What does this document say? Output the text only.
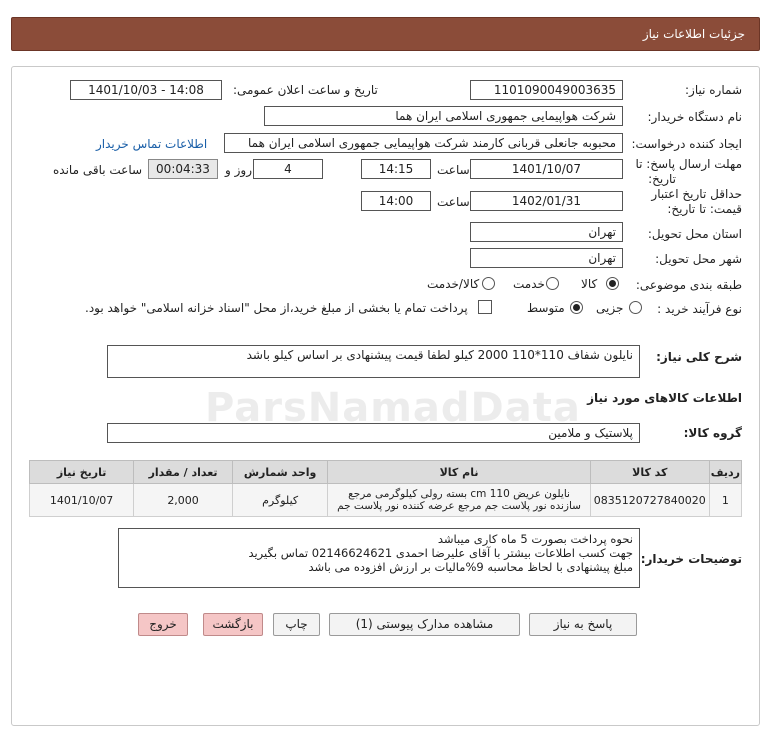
جزئیات اطلاعات نیاز
شماره نیاز:
1101090049003635
تاریخ و ساعت اعلان عمومی:
1401/10/03 - 14:08
نام دستگاه خریدار:
شرکت هواپیمایی جمهوری اسلامی ایران هما
ایجاد کننده درخواست:
محبوبه جانعلی قربانی کارمند شرکت هواپیمایی جمهوری اسلامی ایران هما
اطلاعات تماس خریدار
مهلت ارسال پاسخ: تا
تاریخ:
1401/10/07
ساعت
14:15
4
روز و
00:04:33
ساعت باقی مانده
حداقل تاریخ اعتبار
قیمت: تا تاریخ:
1402/01/31
ساعت
14:00
استان محل تحویل:
تهران
شهر محل تحویل:
تهران
طبقه بندی موضوعی:
کالا
خدمت
کالا/خدمت
نوع فرآیند خرید :
جزیی
متوسط
پرداخت تمام یا بخشی از مبلغ خرید،از محل "اسناد خزانه اسلامی" خواهد بود.
شرح کلی نیاز:
نایلون شفاف 110*110 2000 کیلو لطفا قیمت پیشنهادی بر اساس کیلو باشد
اطلاعات کالاهای مورد نیاز
گروه کالا:
پلاستیک و ملامین
ردیف	کد کالا	نام کالا	واحد شمارش	تعداد / مقدار	تاریخ نیاز
1	0835120727840020	نایلون عریض cm 110 بسته رولی کیلوگرمی مرجع سازنده نور پلاست جم مرجع عرضه کننده نور پلاست جم	کیلوگرم	2,000	1401/10/07
توضیحات خریدار:
نحوه پرداخت بصورت 5 ماه کاری میباشد
جهت کسب اطلاعات بیشتر با آقای علیرضا احمدی 02146624621 تماس بگیرید
مبلغ پیشنهادی با لحاظ محاسبه 9%مالیات بر ارزش افزوده می باشد
پاسخ به نیاز
مشاهده مدارک پیوستی (1)
چاپ
بازگشت
خروج
